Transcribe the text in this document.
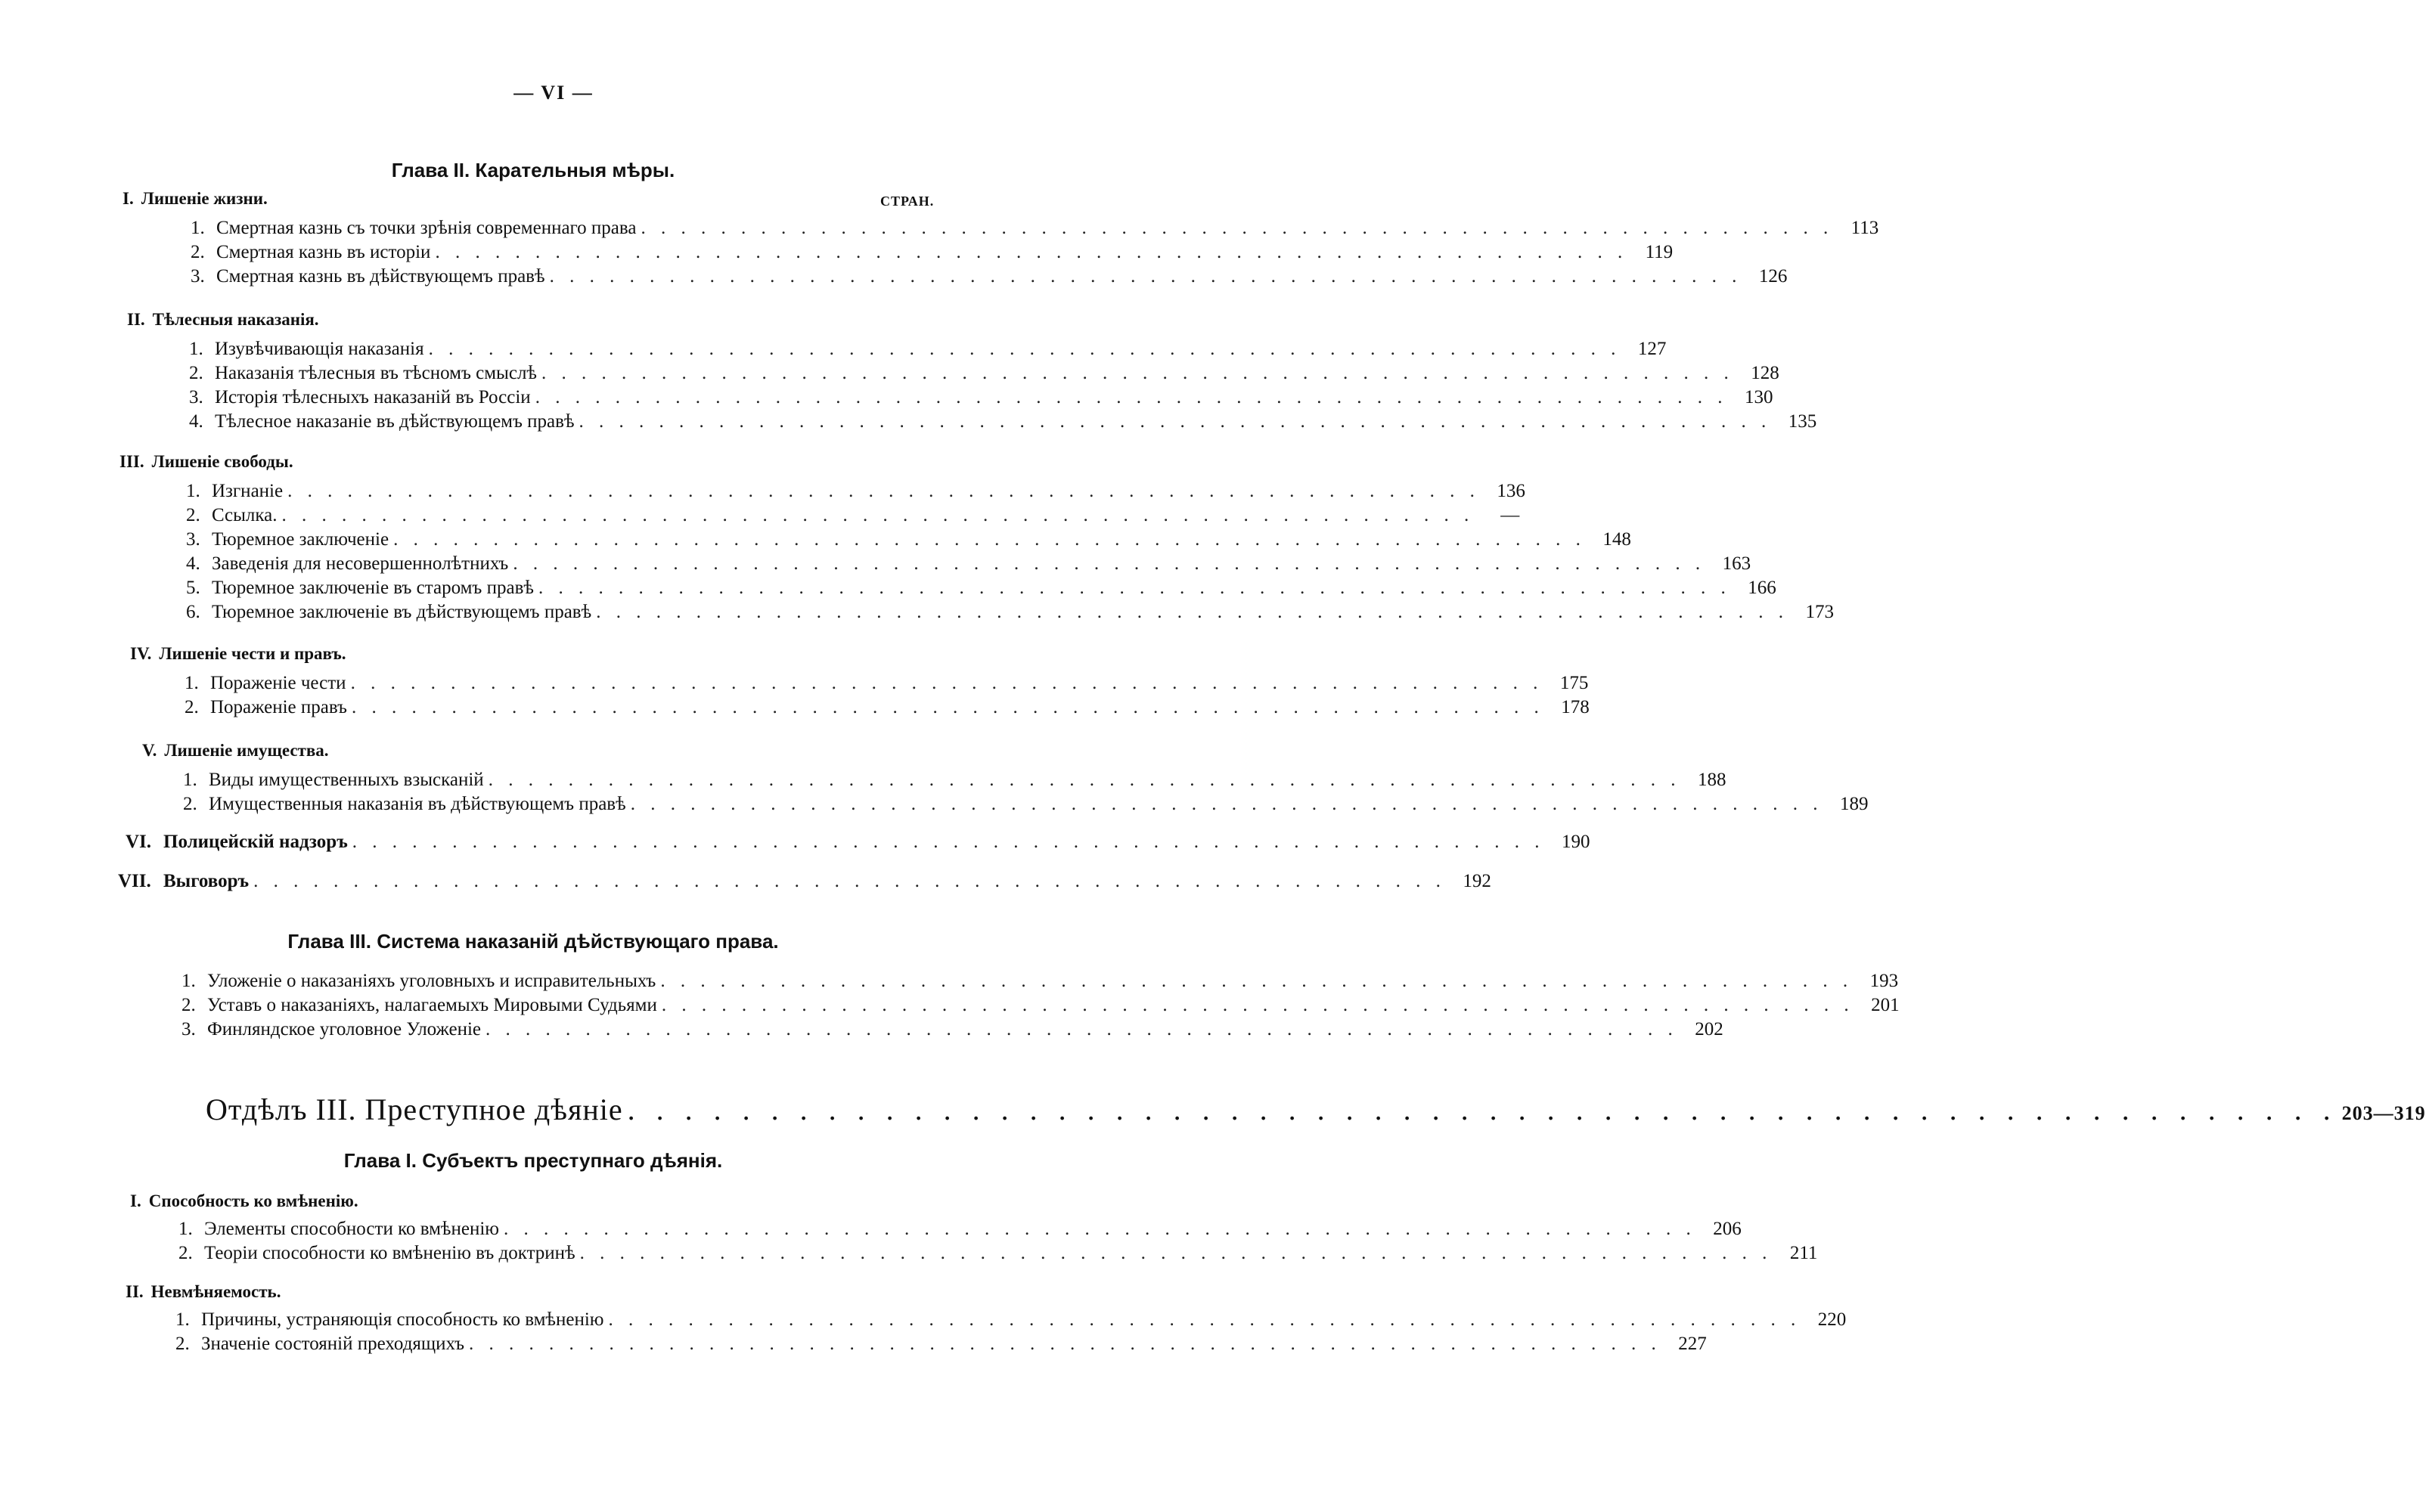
— VI —
Глава II. Карательныя мѣры.
I. Лишеніе жизни.	СТРАН.
1. Смертная казнь съ точки зрѣнія современнаго права . . . . . . . . . . . . . . . . . . . . . . . . . . . . . . . . . . . . . . . . . . . . . . . . . . . . . . . . . . . . 113
2. Смертная казнь въ исторіи . . . . . . . . . . . . . . . . . . . . . . . . . . . . . . . . . . . . . . . . . . . . . . . . . . . . . . . . . . . . 119
3. Смертная казнь въ дѣйствующемъ правѣ . . . . . . . . . . . . . . . . . . . . . . . . . . . . . . . . . . . . . . . . . . . . . . . . . . . . . . . . . . . . 126
II. Тѣлесныя наказанія.
1. Изувѣчивающія наказанія . . . . . . . . . . . . . . . . . . . . . . . . . . . . . . . . . . . . . . . . . . . . . . . . . . . . . . . . . . . . 127
2. Наказанія тѣлесныя въ тѣсномъ смыслѣ . . . . . . . . . . . . . . . . . . . . . . . . . . . . . . . . . . . . . . . . . . . . . . . . . . . . . . . . . . . . 128
3. Исторія тѣлесныхъ наказаній въ Россіи . . . . . . . . . . . . . . . . . . . . . . . . . . . . . . . . . . . . . . . . . . . . . . . . . . . . . . . . . . . . 130
4. Тѣлесное наказаніе въ дѣйствующемъ правѣ . . . . . . . . . . . . . . . . . . . . . . . . . . . . . . . . . . . . . . . . . . . . . . . . . . . . . . . . . . . . 135
III. Лишеніе свободы.
1. Изгнаніе . . . . . . . . . . . . . . . . . . . . . . . . . . . . . . . . . . . . . . . . . . . . . . . . . . . . . . . . . . . . 136
2. Ссылка. . . . . . . . . . . . . . . . . . . . . . . . . . . . . . . . . . . . . . . . . . . . . . . . . . . . . . . . . . . . .	—
3. Тюремное заключеніе . . . . . . . . . . . . . . . . . . . . . . . . . . . . . . . . . . . . . . . . . . . . . . . . . . . . . . . . . . . . 148
4. Заведенія для несовершеннолѣтнихъ . . . . . . . . . . . . . . . . . . . . . . . . . . . . . . . . . . . . . . . . . . . . . . . . . . . . . . . . . . . . 163
5. Тюремное заключеніе въ старомъ правѣ . . . . . . . . . . . . . . . . . . . . . . . . . . . . . . . . . . . . . . . . . . . . . . . . . . . . . . . . . . . . 166
6. Тюремное заключеніе въ дѣйствующемъ правѣ . . . . . . . . . . . . . . . . . . . . . . . . . . . . . . . . . . . . . . . . . . . . . . . . . . . . . . . . . . . . 173
IV. Лишеніе чести и правъ.
1. Пораженіе чести . . . . . . . . . . . . . . . . . . . . . . . . . . . . . . . . . . . . . . . . . . . . . . . . . . . . . . . . . . . . 175
2. Пораженіе правъ . . . . . . . . . . . . . . . . . . . . . . . . . . . . . . . . . . . . . . . . . . . . . . . . . . . . . . . . . . . . 178
V. Лишеніе имущества.
1. Виды имущественныхъ взысканій . . . . . . . . . . . . . . . . . . . . . . . . . . . . . . . . . . . . . . . . . . . . . . . . . . . . . . . . . . . . 188
2. Имущественныя наказанія въ дѣйствующемъ правѣ . . . . . . . . . . . . . . . . . . . . . . . . . . . . . . . . . . . . . . . . . . . . . . . . . . . . . . . . . . . . 189
VI. Полицейскій надзоръ . . . . . . . . . . . . . . . . . . . . . . . . . . . . . . . . . . . . . . . . . . . . . . . . . . . . . . . . . . . . 190
VII. Выговоръ . . . . . . . . . . . . . . . . . . . . . . . . . . . . . . . . . . . . . . . . . . . . . . . . . . . . . . . . . . . . 192
Глава III. Система наказаній дѣйствующаго права.
1. Уложеніе о наказаніяхъ уголовныхъ и исправительныхъ . . . . . . . . . . . . . . . . . . . . . . . . . . . . . . . . . . . . . . . . . . . . . . . . . . . . . . . . . . . . 193
2. Уставъ о наказаніяхъ, налагаемыхъ Мировыми Судьями . . . . . . . . . . . . . . . . . . . . . . . . . . . . . . . . . . . . . . . . . . . . . . . . . . . . . . . . . . . . 201
3. Финляндское уголовное Уложеніе . . . . . . . . . . . . . . . . . . . . . . . . . . . . . . . . . . . . . . . . . . . . . . . . . . . . . . . . . . . . 202
Отдѣлъ III. Преступное дѣяніе . . . . . . . . . . . . . . . . . . . . . . . . . . . . . . . . . . . . . . . . . . . . . . . . . . . . . . . . . . . . 203—319
Глава I. Субъектъ преступнаго дѣянія.
I. Способность ко вмѣненію.
1. Элементы способности ко вмѣненію . . . . . . . . . . . . . . . . . . . . . . . . . . . . . . . . . . . . . . . . . . . . . . . . . . . . . . . . . . . . 206
2. Теоріи способности ко вмѣненію въ доктринѣ . . . . . . . . . . . . . . . . . . . . . . . . . . . . . . . . . . . . . . . . . . . . . . . . . . . . . . . . . . . . 211
II. Невмѣняемость.
1. Причины, устраняющія способность ко вмѣненію . . . . . . . . . . . . . . . . . . . . . . . . . . . . . . . . . . . . . . . . . . . . . . . . . . . . . . . . . . . . 220
2. Значеніе состояній преходящихъ . . . . . . . . . . . . . . . . . . . . . . . . . . . . . . . . . . . . . . . . . . . . . . . . . . . . . . . . . . . . 227
